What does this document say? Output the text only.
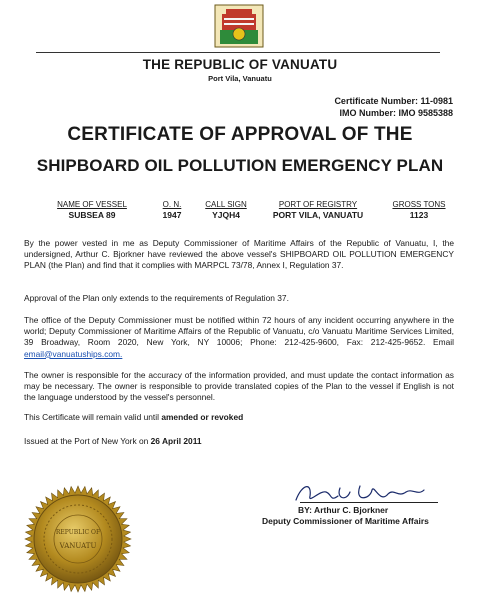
THE REPUBLIC OF VANUATU
Port Vila, Vanuatu
Certificate Number: 11-0981
IMO Number: IMO 9585388
CERTIFICATE OF APPROVAL OF THE
SHIPBOARD OIL POLLUTION EMERGENCY PLAN
NAME OF VESSEL	O. N.	CALL SIGN	PORT OF REGISTRY	GROSS TONS
SUBSEA 89	1947	YJQH4	PORT VILA, VANUATU	1123
By the power vested in me as Deputy Commissioner of Maritime Affairs of the Republic of Vanuatu, I, the undersigned, Arthur C. Bjorkner have reviewed the above vessel's SHIPBOARD OIL POLLUTION EMERGENCY PLAN (the Plan) and find that it complies with MARPCL 73/78, Annex I, Regulation 37.
Approval of the Plan only extends to the requirements of Regulation 37.
The office of the Deputy Commissioner must be notified within 72 hours of any incident occurring anywhere in the world; Deputy Commissioner of Maritime Affairs of the Republic of Vanuatu, c/o Vanuatu Maritime Services Limited, 39 Broadway, Room 2020, New York, NY 10006; Phone: 212-425-9600, Fax: 212-425-9652. Email email@vanuatuships.com.
The owner is responsible for the accuracy of the information provided, and must update the contact information as may be necessary. The owner is responsible to provide translated copies of the Plan to the vessel if English is not the language understood by the vessel's personnel.
This Certificate will remain valid until amended or revoked
Issued at the Port of New York on 26 April 2011
REPUBLIC OF
VANUATU
BY: Arthur C. Bjorkner
Deputy Commissioner of Maritime Affairs
